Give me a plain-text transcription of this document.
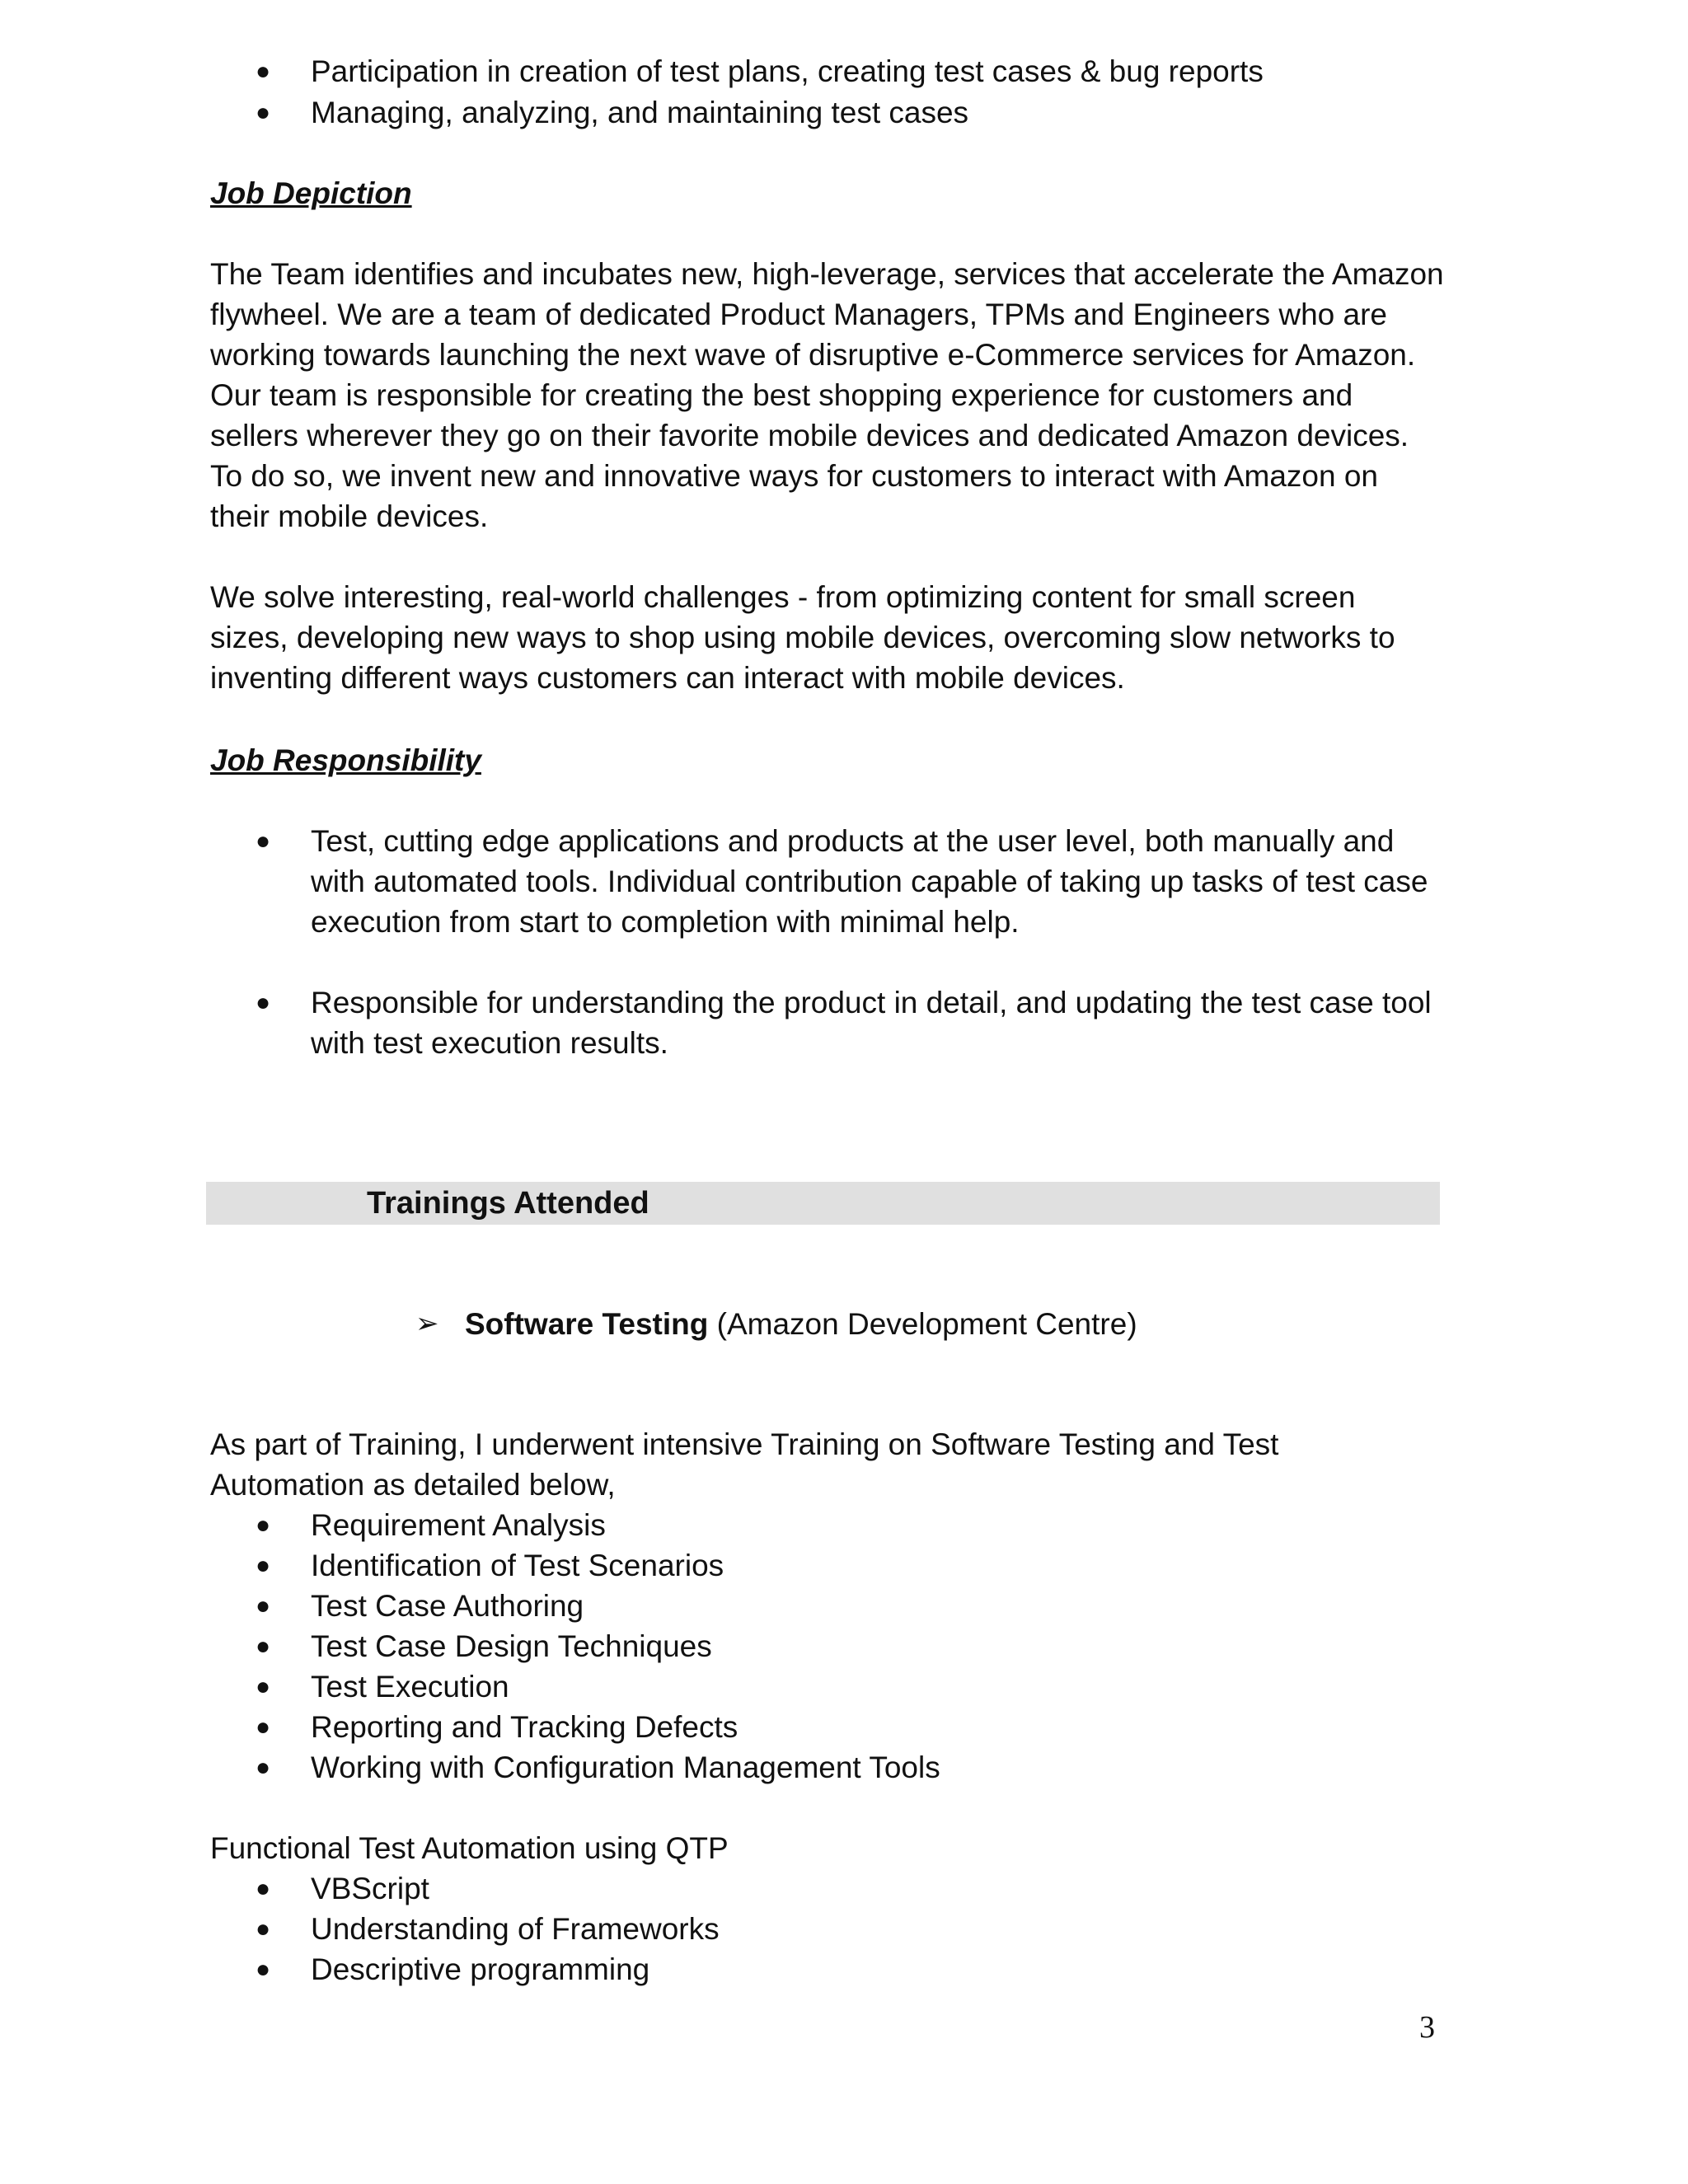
● Participation in creation of test plans, creating test cases & bug reports
● Managing, analyzing, and maintaining test cases
Job Depiction
The Team identifies and incubates new, high-leverage, services that accelerate the Amazon
flywheel. We are a team of dedicated Product Managers, TPMs and Engineers who are
working towards launching the next wave of disruptive e-Commerce services for Amazon.
Our team is responsible for creating the best shopping experience for customers and
sellers wherever they go on their favorite mobile devices and dedicated Amazon devices.
To do so, we invent new and innovative ways for customers to interact with Amazon on
their mobile devices.
We solve interesting, real-world challenges - from optimizing content for small screen
sizes, developing new ways to shop using mobile devices, overcoming slow networks to
inventing different ways customers can interact with mobile devices.
Job Responsibility
● Test, cutting edge applications and products at the user level, both manually and
with automated tools. Individual contribution capable of taking up tasks of test case
execution from start to completion with minimal help.
● Responsible for understanding the product in detail, and updating the test case tool
with test execution results.
Trainings Attended
➢ Software Testing (Amazon Development Centre)
As part of Training, I underwent intensive Training on Software Testing and Test
Automation as detailed below,
● Requirement Analysis
● Identification of Test Scenarios
● Test Case Authoring
● Test Case Design Techniques
● Test Execution
● Reporting and Tracking Defects
● Working with Configuration Management Tools
Functional Test Automation using QTP
● VBScript
● Understanding of Frameworks
● Descriptive programming
3
